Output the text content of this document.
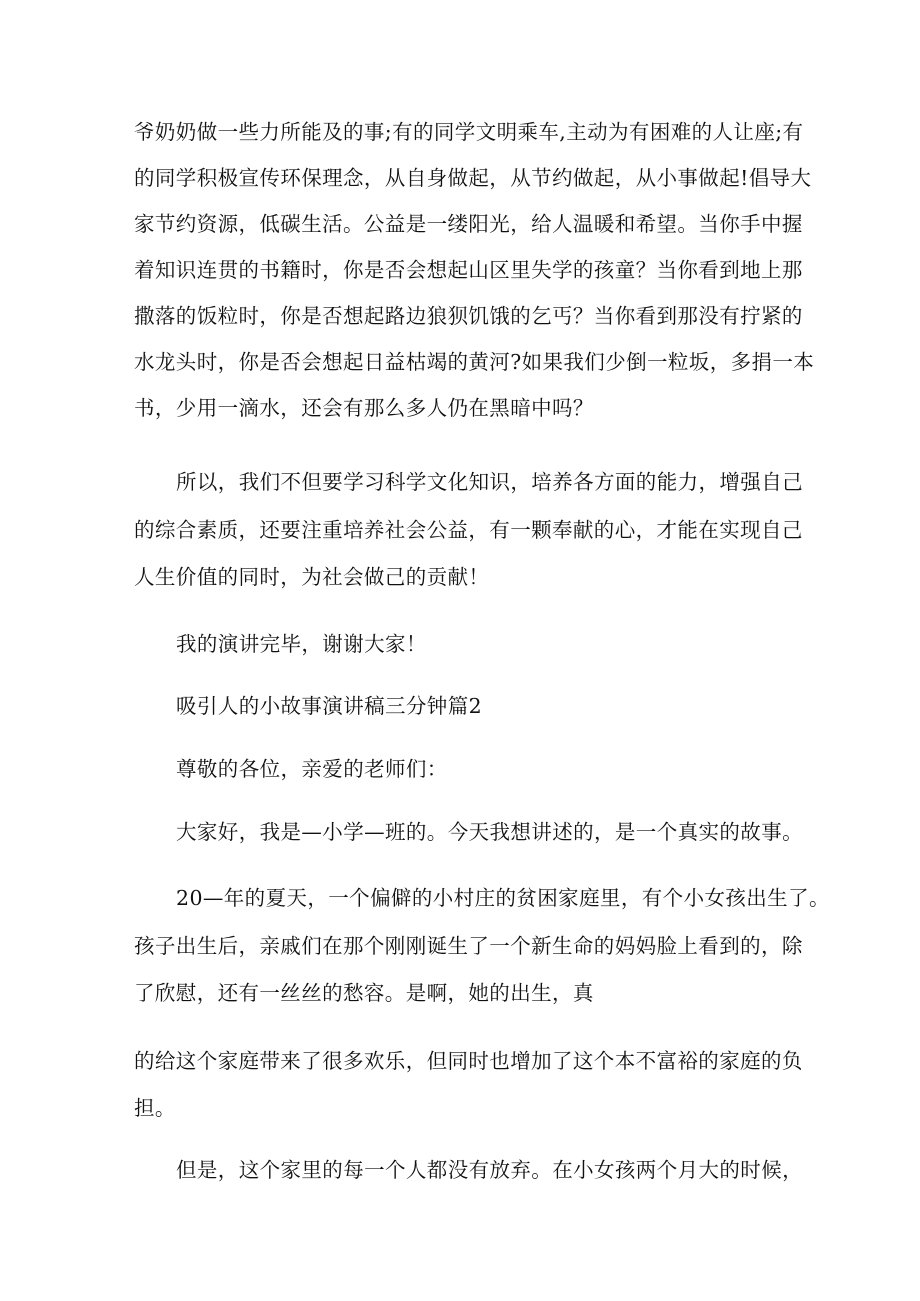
爷奶奶做一些力所能及的事;有的同学文明乘车,主动为有困难的人让座;有
的同学积极宣传环保理念，从自身做起，从节约做起，从小事做起!倡导大
家节约资源，低碳生活。公益是一缕阳光，给人温暖和希望。当你手中握
着知识连贯的书籍时，你是否会想起山区里失学的孩童？当你看到地上那
撒落的饭粒时，你是否想起路边狼狈饥饿的乞丐？当你看到那没有拧紧的
水龙头时，你是否会想起日益枯竭的黄河?如果我们少倒一粒坂，多捐一本
书，少用一滴水，还会有那么多人仍在黑暗中吗？
所以，我们不但要学习科学文化知识，培养各方面的能力，增强自己
的综合素质，还要注重培养社会公益，有一颗奉献的心，才能在实现自己
人生价值的同时，为社会做己的贡献！
我的演讲完毕，谢谢大家！
吸引人的小故事演讲稿三分钟篇2
尊敬的各位，亲爱的老师们：
大家好，我是—小学—班的。今天我想讲述的，是一个真实的故事。
20—年的夏天，一个偏僻的小村庄的贫困家庭里，有个小女孩出生了。
孩子出生后，亲戚们在那个刚刚诞生了一个新生命的妈妈脸上看到的，除
了欣慰，还有一丝丝的愁容。是啊，她的出生，真
的给这个家庭带来了很多欢乐，但同时也增加了这个本不富裕的家庭的负
担。
但是，这个家里的每一个人都没有放弃。在小女孩两个月大的时候，
